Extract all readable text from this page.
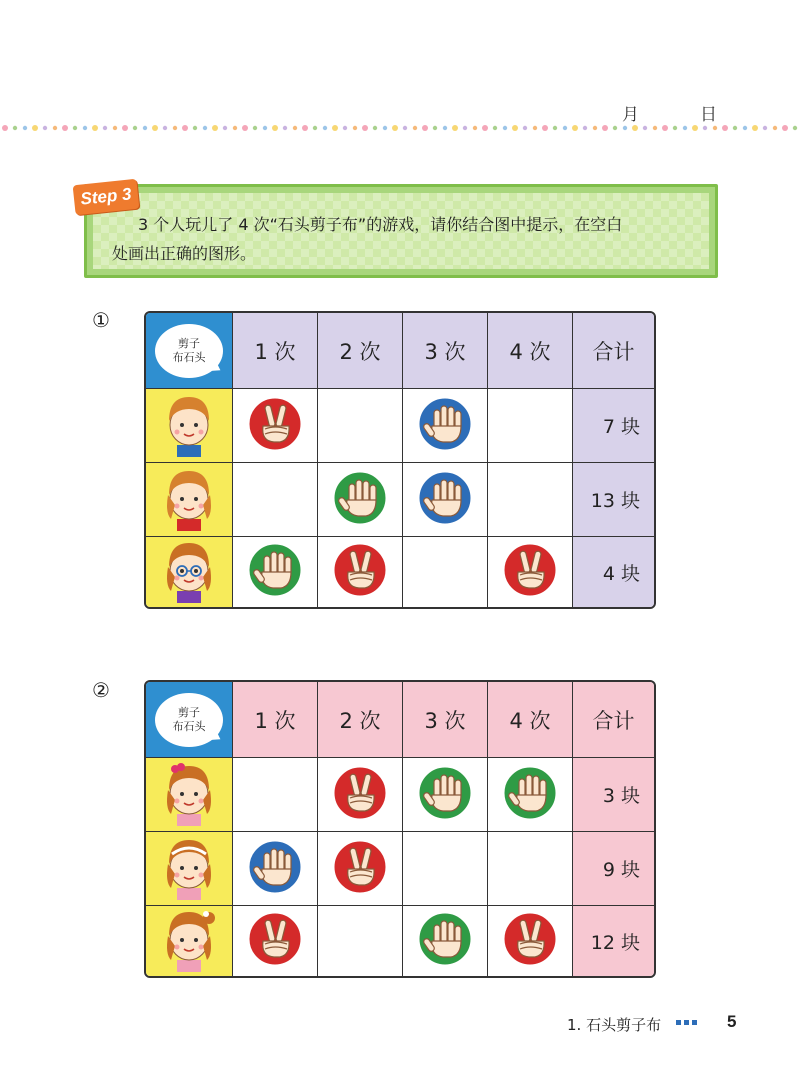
月	日
Step 3
3 个人玩儿了 4 次“石头剪子布”的游戏，请你结合图中提示，在空白
处画出正确的图形。
①
剪子
布石头	1 次	2 次	3 次	4 次	合计
7 块
13 块
4 块
②
剪子
布石头	1 次	2 次	3 次	4 次	合计
3 块
9 块
12 块
1. 石头剪子布	5
